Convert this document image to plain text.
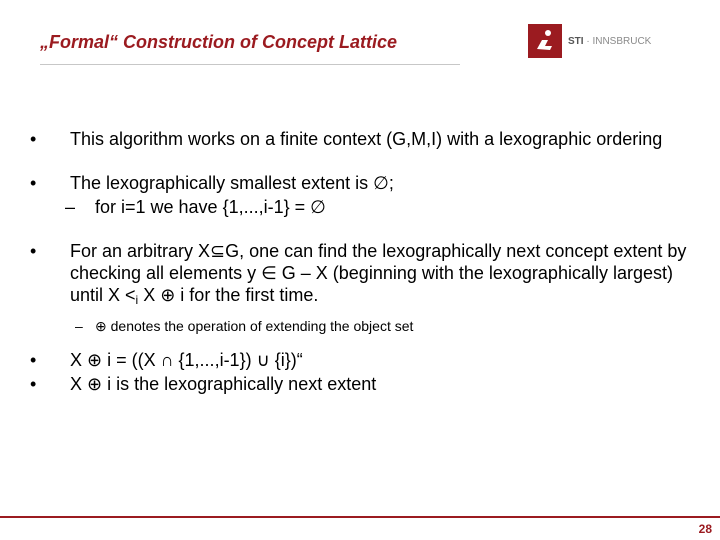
„Formal“ Construction of Concept Lattice	STI · INNSBRUCK
• This algorithm works on a finite context (G,M,I) with a lexographic ordering
• The lexographically smallest extent is ∅;
– for i=1 we have {1,...,i-1} = ∅
• For an arbitrary X⊆G, one can find the lexographically next concept extent by checking all elements y ∈ G – X (beginning with the lexographically largest) until $X <_i$ X ⊕ i for the first time.
– ⊕ denotes the operation of extending the object set
• X ⊕ i = ((X ∩ {1,...,i-1}) ∪ {i})“
• X ⊕ i is the lexographically next extent
28
